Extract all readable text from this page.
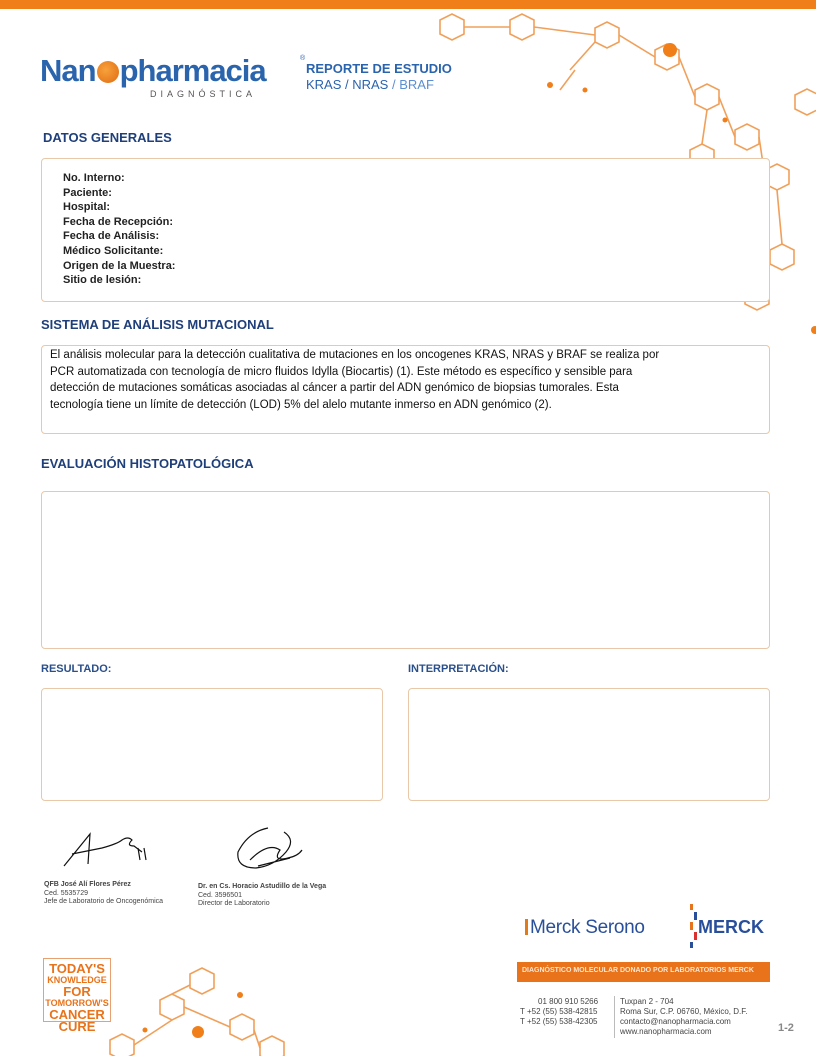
Nan pharmacia	®
DIAGNÓSTICA
REPORTE DE ESTUDIO
KRAS / NRAS / BRAF
DATOS GENERALES
No. Interno:
Paciente:
Hospital:
Fecha de Recepción:
Fecha de Análisis:
Médico Solicitante:
Origen de la Muestra:
Sitio de lesión:
SISTEMA DE ANÁLISIS MUTACIONAL
El análisis molecular para la detección cualitativa de mutaciones en los oncogenes KRAS, NRAS y BRAF se realiza por
PCR automatizada con tecnología de micro fluidos Idylla (Biocartis) (1). Este método es específico y sensible para
detección de mutaciones somáticas asociadas al cáncer a partir del ADN genómico de biopsias tumorales. Esta
tecnología tiene un límite de detección (LOD) 5% del alelo mutante inmerso en ADN genómico (2).
EVALUACIÓN HISTOPATOLÓGICA
RESULTADO:	INTERPRETACIÓN:
QFB José Alí Flores Pérez
Ced. 5535729
Jefe de Laboratorio de Oncogenómica
Dr. en Cs. Horacio Astudillo de la Vega
Ced. 3596501
Director de Laboratorio
Merck Serono	MERCK
DIAGNÓSTICO MOLECULAR DONADO POR LABORATORIOS MERCK
01 800 910 5266
T +52 (55) 538-42815
T +52 (55) 538-42305
Tuxpan 2 - 704
Roma Sur, C.P. 06760, México, D.F.
contacto@nanopharmacia.com
www.nanopharmacia.com
TODAY'S
KNOWLEDGE
FOR
TOMORROW'S
CANCER
CURE	1-2
